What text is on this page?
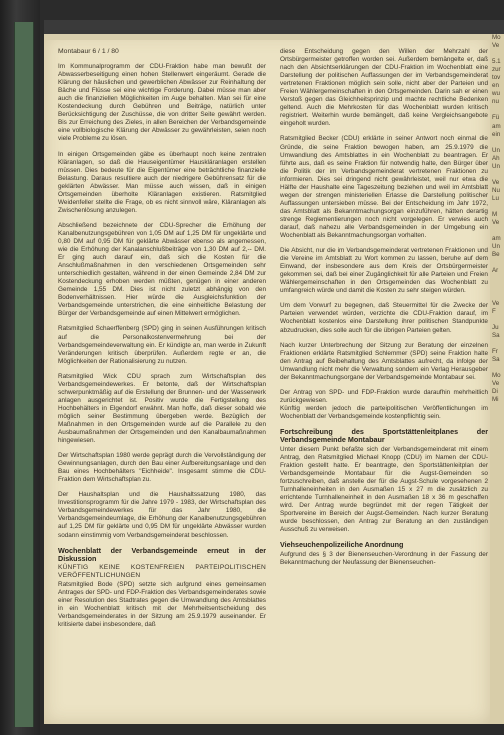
Montabaur 6 / 1 / 80

Im Kommunalprogramm der CDU-Fraktion habe man bewußt der Abwasserbeseitigung einen hohen Stellenwert eingeräumt. Gerade die Klärung der häuslichen und gewerblichen Abwässer zur Reinhaltung der Bäche und Flüsse sei eine wichtige Forderung. Dabei müsse man aber auch die finanziellen Möglichkeiten im Auge behalten. Man sei für eine Kostendeckung durch Gebühren und Beiträge, natürlich unter Berücksichtigung der Zuschüsse, die von dritter Seite gewährt werden. Bis zur Erreichung des Zieles, in allen Bereichen der Verbandsgemeinde eine vollbiologische Klärung der Abwässer zu gewährleisten, seien noch viele Probleme zu lösen.

In einigen Ortsgemeinden gäbe es überhaupt noch keine zentralen Kläranlagen, so daß die Hauseigentümer Hauskläranlagen erstellen müssen. Dies bedeute für die Eigentümer eine beträchtliche finanzielle Belastung. Daraus resultiere auch der niedrigere Gebührensatz für die geklärten Abwässer. Man müsse auch wissen, daß in einigen Ortsgemeinden überholte Kläranlagen existieren. Ratsmitglied Weidenfeller stellte die Frage, ob es nicht sinnvoll wäre, Kläranlagen als Zwischenlösung anzulegen.

Abschließend bezeichnete der CDU-Sprecher die Erhöhung der Kanalbenutzungsgebühren von 1,05 DM auf 1,25 DM für ungeklärte und 0,80 DM auf 0,95 DM für geklärte Abwässer ebenso als angemessen, wie die Erhöhung der Kanalanschlußbeiträge von 1,30 DM auf 2,-- DM. Er ging auch darauf ein, daß sich die Kosten für die Anschlußmaßnahmen in den verschiedenen Ortsgemeinden sehr unterschiedlich gestalten, während in der einen Gemeinde 2,84 DM zur Kostendeckung erhoben werden müßten, genügen in einer anderen Gemeinde 1,55 DM. Dies ist nicht zuletzt abhängig von den Bodenverhältnissen. Hier würde die Ausgleichsfunktion der Verbandsgemeinde unterstrichen, die eine einheitliche Belastung der Bürger der Verbandsgemeinde auf einen Mittelwert ermöglichen.

Ratsmitglied Schaerffenberg (SPD) ging in seinen Ausführungen kritisch auf die Personalkostenvermehrung bei der Verbandsgemeindeverwaltung ein. Er kündigte an, man werde in Zukunft Veränderungen kritisch überprüfen. Außerdem regte er an, die Möglichkeiten der Rationalisierung zu nutzen.

Ratsmitglied Wick CDU sprach zum Wirtschaftsplan des Verbandsgemeindewerkes. Er betonte, daß der Wirtschaftsplan schwerpunktmäßig auf die Erstellung der Brunnen- und der Wasserwerk anlagen ausgerichtet ist. Positiv wurde die Fertigstellung des Hochbehälters in Elgendorf erwähnt. Man hoffe, daß dieser sobald wie möglich seiner Bestimmung übergeben werde. Bezüglich der Maßnahmen in den Ortsgemeinden wurde auf die Parallele zu den Ausbaumaßnahmen der Ortsgemeinden und den Kanalbaumaßnahmen hingewiesen.

Der Wirtschaftsplan 1980 werde geprägt durch die Vervollständigung der Gewinnungsanlagen, durch den Bau einer Aufbereitungsanlage und den Bau eines Hochbehälters "Eichheide". Insgesamt stimme die CDU-Fraktion dem Wirtschaftsplan zu.

Der Haushaltsplan und die Haushaltssatzung 1980, das Investitionsprogramm für die Jahre 1979 - 1983, der Wirtschaftsplan des Verbandsgemeindewerkes für das Jahr 1980, die Verbandsgemeindeumlage, die Erhöhung der Kanalbenutzungsgebühren auf 1,25 DM für geklärte und 0,95 DM für ungeklärte Abwässer wurden sodann einstimmig vom Verbandsgemeinderat beschlossen.

Wochenblatt der Verbandsgemeinde erneut in der Diskussion

KÜNFTIG KEINE KOSTENFREIEN PARTEIPOLITISCHEN VERÖFFENTLICHUNGEN

Ratsmitglied Bode (SPD) setzte sich aufgrund eines gemeinsamen Antrages der SPD- und FDP-Fraktion des Verbandsgemeinderates sowie einer Resolution des Stadtrates gegen die Umwandlung des Amtsblattes in ein Wochenblatt kritisch mit der Mehrheitsentscheidung des Verbandsgemeinderates in der Sitzung am 25.9.1979 auseinander. Er kritisierte dabei insbesondere, daß

diese Entscheidung gegen den Willen der Mehrzahl der Ortsbürgermeister getroffen worden sei. Außerdem bemängelte er, daß nach den Absichtserklärungen der CDU-Fraktion im Wochenblatt eine Darstellung der politischen Auffassungen der im Verbandsgemeinderat vertretenen Fraktionen möglich sein solle, nicht aber der Parteien und Freien Wählergemeinschaften in den Ortsgemeinden. Darin sah er einen Verstoß gegen das Gleichheitsprinzip und machte rechtliche Bedenken geltend. Auch die Mehrkosten für das Wochenblatt wurden kritisch registriert. Weiterhin wurde bemängelt, daß keine Vergleichsangebote eingeholt wurden.

Ratsmitglied Becker (CDU) erklärte in seiner Antwort noch einmal die Gründe, die seine Fraktion bewogen haben, am 25.9.1979 die Umwandlung des Amtsblattes in ein Wochenblatt zu beantragen. Er führte aus, daß es seine Fraktion für notwendig halte, den Bürger über die Politik der im Verbandsgemeinderat vertretenen Fraktionen zu informieren. Dies sei dringend nicht gewährleistet, weil nur etwa die Hälfte der Haushalte eine Tageszeitung beziehen und weil im Amtsblatt wegen der strengen ministeriellen Erlasse die Darstellung politischer Auffassungen untersieben müsse. Bei der Entscheidung im Jahr 1972, das Amtsblatt als Bekanntmachungsorgan einzuführen, hätten derartig strenge Reglementierungen noch nicht vorgelegen. Er verwies auch darauf, daß nahezu alle Verbandsgemeinden in der Umgebung ein Wochenblatt als Bekanntmachungsorgan vorhalten.

Die Absicht, nur die im Verbandsgemeinderat vertretenen Fraktionen und die Vereine im Amtsblatt zu Wort kommen zu lassen, beruhe auf dem Einwand, der insbesondere aus dem Kreis der Ortsbürgermeister gekommen sei, daß bei einer Zugänglichkeit für alle Parteien und Freien Wählergemeinschaften in den Ortsgemeinden das Wochenblatt zu umfangreich würde und damit die Kosten zu sehr steigen würden.

Um dem Vorwurf zu begegnen, daß Steuermittel für die Zwecke der Parteien verwendet würden, verzichte die CDU-Fraktion darauf, im Wochenblatt kostenlos eine Darstellung ihrer politischen Standpunkte abzudrucken, dies solle auch für die übrigen Parteien gelten.

Nach kurzer Unterbrechung der Sitzung zur Beratung der einzelnen Fraktionen erklärte Ratsmitglied Schlemmer (SPD) seine Fraktion halte den Antrag auf Beibehaltung des Amtsblattes aufrecht, da infolge der Umwandlung nicht mehr die Verwaltung sondern ein Verlag Herausgeber der Bekanntmachungsorgane der Verbandsgemeinde Montabaur sei.

Der Antrag von SPD- und FDP-Fraktion wurde daraufhin mehrheitlich zurückgewiesen.
Künftig werden jedoch die parteipolitischen Veröffentlichungen im Wochenblatt der Verbandsgemeinde kostenpflichtig sein.

Fortschreibung des Sportstättenleitplanes der Verbandsgemeinde Montabaur

Unter diesem Punkt befaßte sich der Verbandsgemeinderat mit einem Antrag, den Ratsmitglied Michael Knopp (CDU) im Namen der CDU-Fraktion gestellt hatte. Er beantragte, den Sportstättenleitplan der Verbandsgemeinde Montabaur für die Augst-Gemeinden so fortzuschreiben, daß anstelle der für die Augst-Schule vorgesehenen 2 Turnhalleneinheiten in den Ausmaßen 15 x 27 m die zusätzlich zu errichtende Turnhalleneinheit in den Ausmaßen 18 x 36 m geschaffen wird. Der Antrag wurde begründet mit der regen Tätigkeit der Sportvereine im Bereich der Augst-Gemeinden. Nach kurzer Beratung wurde beschlossen, den Antrag zur Beratung an den zuständigen Ausschuß zu verweisen.

Viehseuchenpolizeiliche Anordnung

Aufgrund des § 3 der Bienenseuchen-Verordnung in der Fassung der Bekanntmachung der Neufassung der Bienenseuchen-

Mo
Ve

5.1
zur
tov
en
wu
nu

Fü
am
ein

Un
Ah
Un

Ve
Nu
Lu

M
Ve

am
Un
Be

Ar

Ve
F

Ju
Sa

Fr
Sa

Mo
Ve
Di
Mi
